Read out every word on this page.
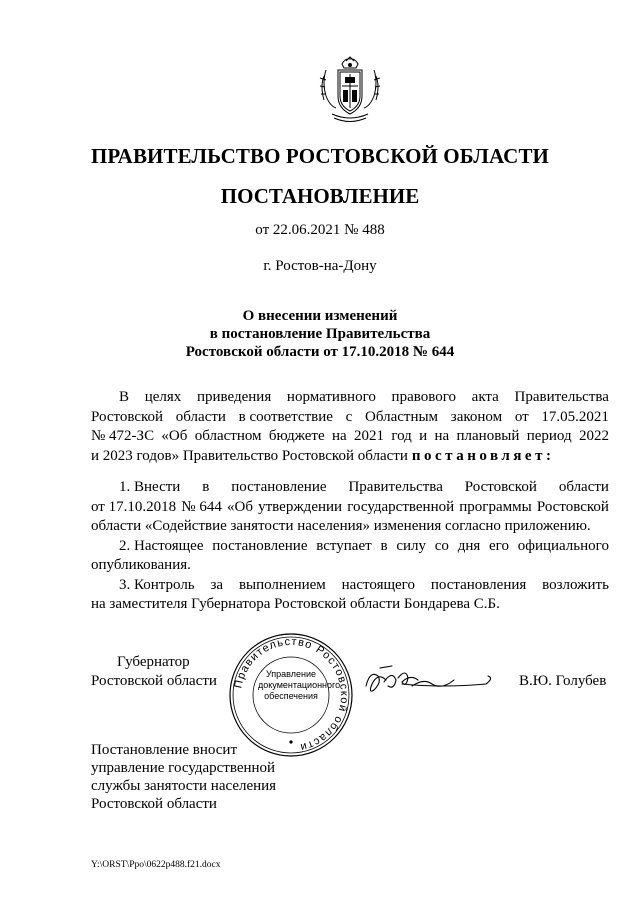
ПРАВИТЕЛЬСТВО РОСТОВСКОЙ ОБЛАСТИ
ПОСТАНОВЛЕНИЕ
от 22.06.2021 № 488
г. Ростов-на-Дону
О внесении изменений
в постановление Правительства
Ростовской области от 17.10.2018 № 644
В целях приведения нормативного правового акта Правительства
Ростовской области в соответствие с Областным законом от 17.05.2021
№ 472-ЗС «Об областном бюджете на 2021 год и на плановый период 2022
и 2023 годов» Правительство Ростовской области постановляет:
1. Внести в постановление Правительства Ростовской области
от 17.10.2018 № 644 «Об утверждении государственной программы Ростовской
области «Содействие занятости населения» изменения согласно приложению.
2. Настоящее постановление вступает в силу со дня его официального
опубликования.
3. Контроль за выполнением настоящего постановления возложить
на заместителя Губернатора Ростовской области Бондарева С.Б.
Губернатор
Ростовской области Правительство Ростовской области
Управление
документационного
обеспечения
В.Ю. Голубев
Постановление вносит
управление государственной
службы занятости населения
Ростовской области
Y:\ORST\Ppo\0622p488.f21.docx
